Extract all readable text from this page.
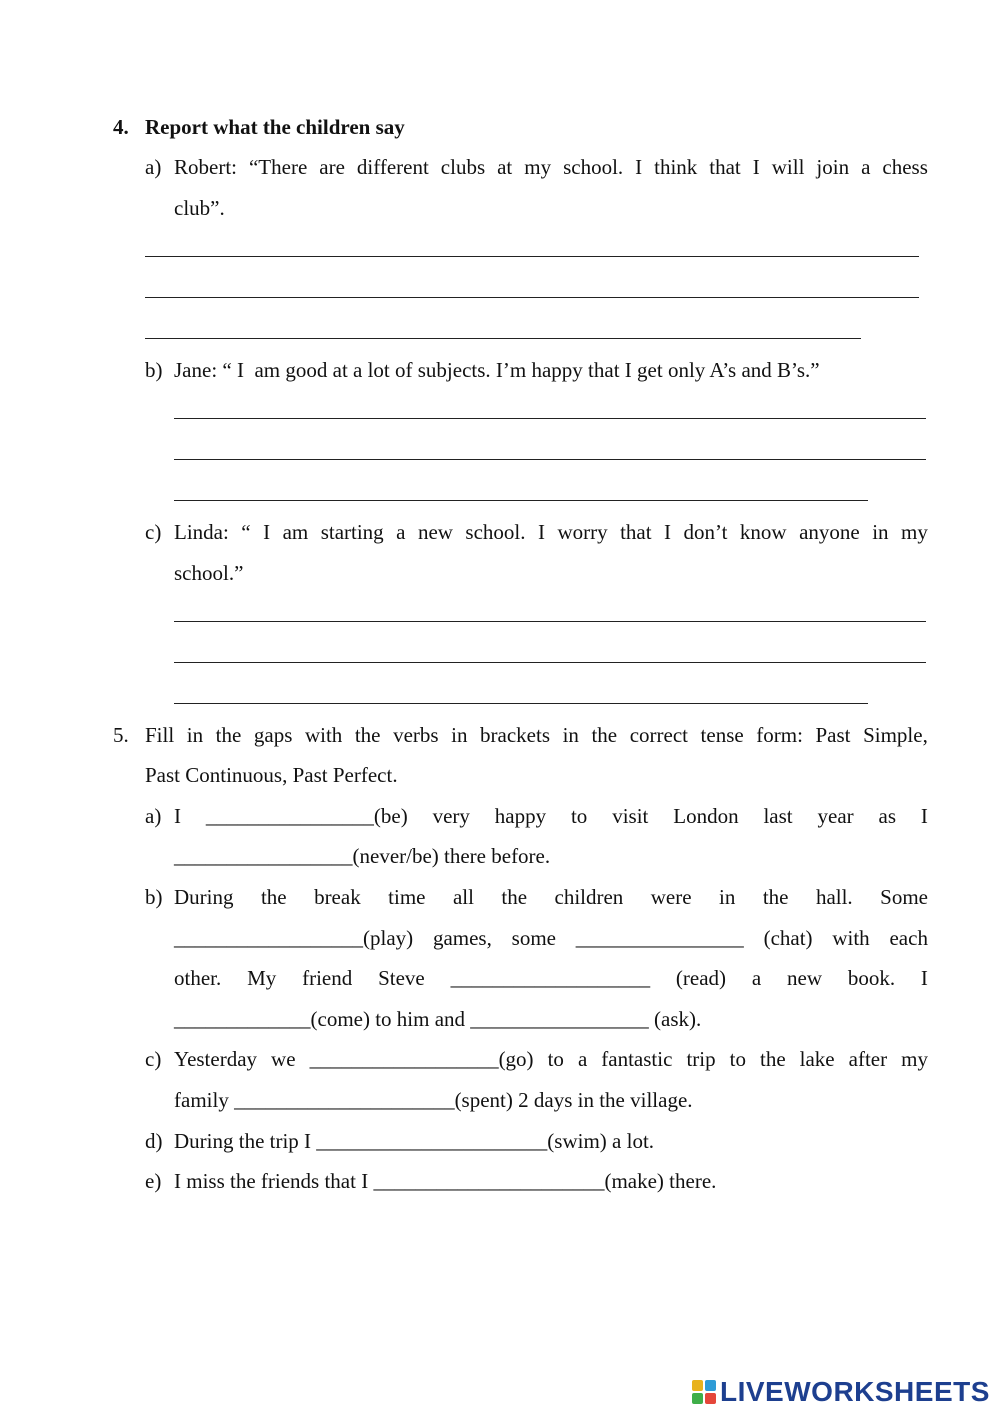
4. Report what the children say
a) Robert: “There are different clubs at my school. I think that I will join a chess
club”.
b) Jane: “ I  am good at a lot of subjects. I’m happy that I get only A’s and B’s.”
c) Linda: “ I am starting a new school. I worry that I don’t know anyone in my
school.”
5. Fill in the gaps with the verbs in brackets in the correct tense form: Past Simple,
Past Continuous, Past Perfect.
a) I ________________(be) very happy to visit London last year as I
_________________(never/be) there before.
b) During the break time all the children were in the hall. Some
__________________(play) games, some ________________ (chat) with each
other. My friend Steve ___________________ (read) a new book. I
_____________(come) to him and _________________ (ask).
c) Yesterday we __________________(go) to a fantastic trip to the lake after my
family _____________________(spent) 2 days in the village.
d) During the trip I ______________________(swim) a lot.
e) I miss the friends that I ______________________(make) there.
LIVEWORKSHEETS
